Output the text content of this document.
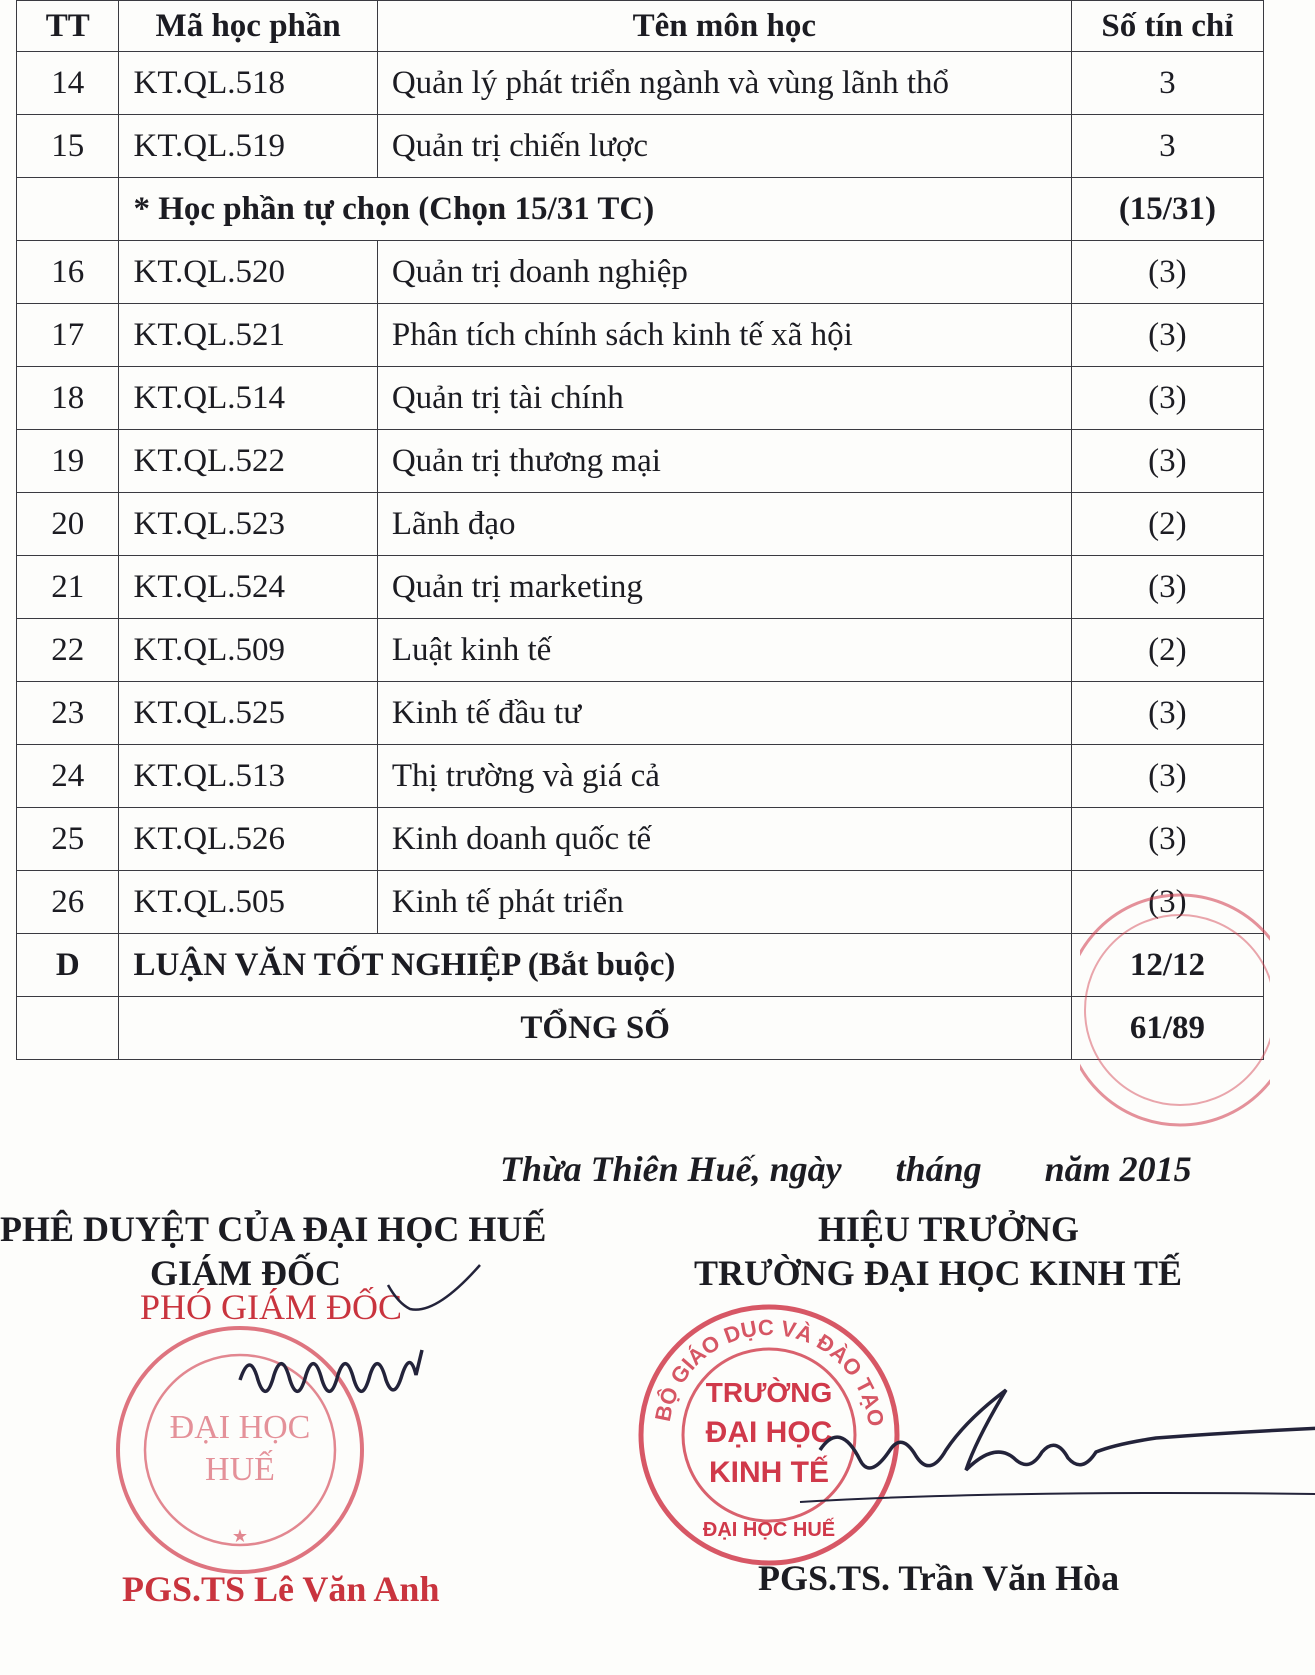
TT	Mã học phần	Tên môn học	Số tín chỉ
14	KT.QL.518	Quản lý phát triển ngành và vùng lãnh thổ	3
15	KT.QL.519	Quản trị chiến lược	3
	* Học phần tự chọn (Chọn 15/31 TC)		(15/31)
16	KT.QL.520	Quản trị doanh nghiệp	(3)
17	KT.QL.521	Phân tích chính sách kinh tế xã hội	(3)
18	KT.QL.514	Quản trị tài chính	(3)
19	KT.QL.522	Quản trị thương mại	(3)
20	KT.QL.523	Lãnh đạo	(2)
21	KT.QL.524	Quản trị marketing	(3)
22	KT.QL.509	Luật kinh tế	(2)
23	KT.QL.525	Kinh tế đầu tư	(3)
24	KT.QL.513	Thị trường và giá cả	(3)
25	KT.QL.526	Kinh doanh quốc tế	(3)
26	KT.QL.505	Kinh tế phát triển	(3)
D	LUẬN VĂN TỐT NGHIỆP (Bắt buộc)		12/12
	TỔNG SỐ		61/89
Thừa Thiên Huế, ngày      tháng       năm 2015
PHÊ DUYỆT CỦA ĐẠI HỌC HUẾ
GIÁM ĐỐC
PHÓ GIÁM ĐỐC
ĐẠI HỌC
HUẾ
★
PGS.TS Lê Văn Anh
HIỆU TRƯỞNG
TRƯỜNG ĐẠI HỌC KINH TẾ
BỘ GIÁO DỤC VÀ ĐÀO TẠO
TRƯỜNG
ĐẠI HỌC
KINH TẾ
ĐẠI HỌC HUẾ
PGS.TS. Trần Văn Hòa
